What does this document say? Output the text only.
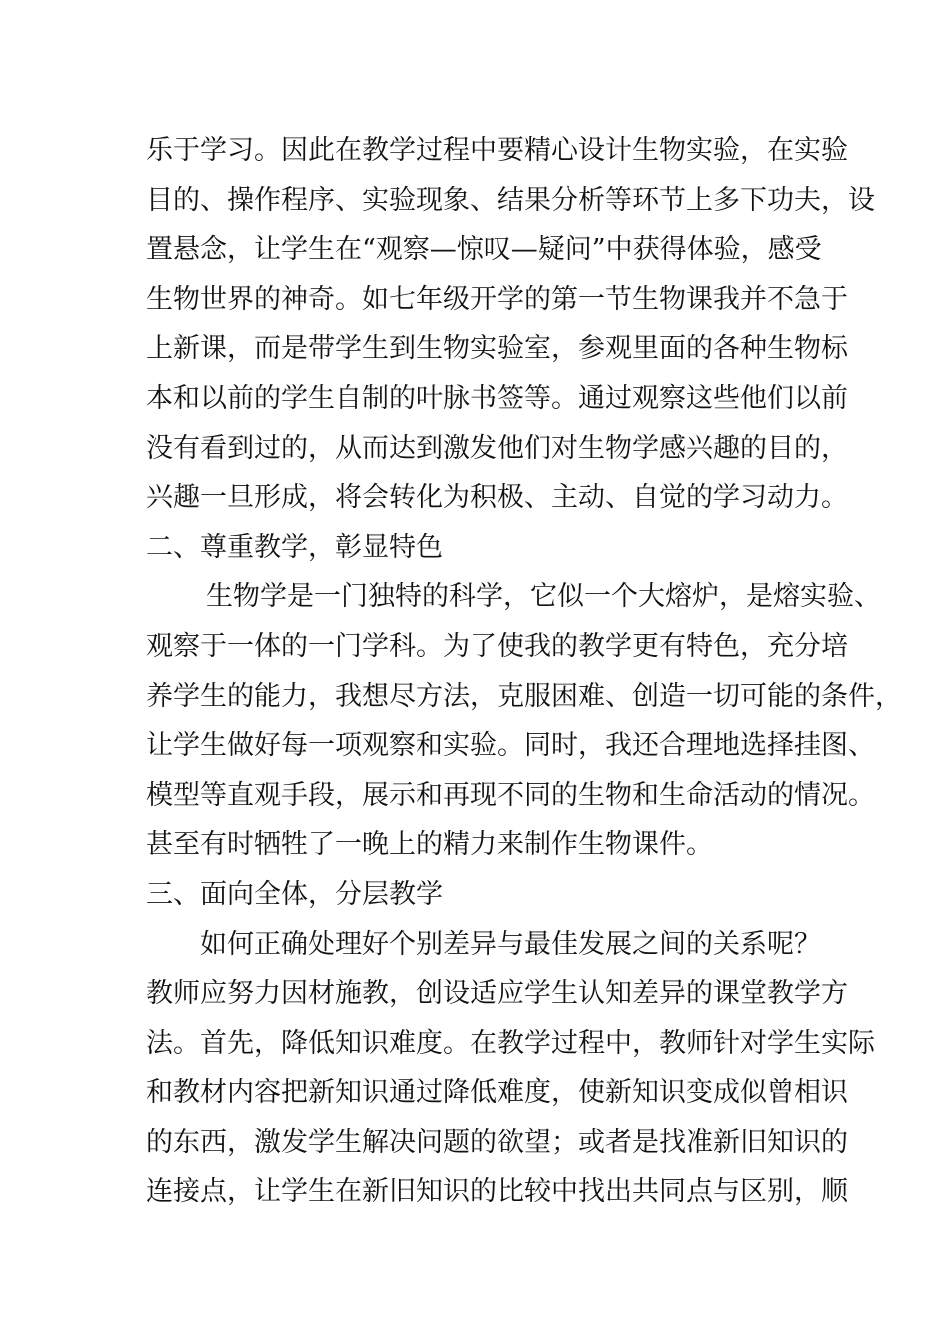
乐于学习。因此在教学过程中要精心设计生物实验，在实验
目的、操作程序、实验现象、结果分析等环节上多下功夫，设
置悬念，让学生在“观察—惊叹—疑问”中获得体验，感受
生物世界的神奇。如七年级开学的第一节生物课我并不急于
上新课，而是带学生到生物实验室，参观里面的各种生物标
本和以前的学生自制的叶脉书签等。通过观察这些他们以前
没有看到过的，从而达到激发他们对生物学感兴趣的目的，
兴趣一旦形成，将会转化为积极、主动、自觉的学习动力。
二、尊重教学，彰显特色
生物学是一门独特的科学，它似一个大熔炉，是熔实验、
观察于一体的一门学科。为了使我的教学更有特色，充分培
养学生的能力，我想尽方法，克服困难、创造一切可能的条件，
让学生做好每一项观察和实验。同时，我还合理地选择挂图、
模型等直观手段，展示和再现不同的生物和生命活动的情况。
甚至有时牺牲了一晚上的精力来制作生物课件。
三、面向全体，分层教学
如何正确处理好个别差异与最佳发展之间的关系呢？
教师应努力因材施教，创设适应学生认知差异的课堂教学方
法。首先，降低知识难度。在教学过程中，教师针对学生实际
和教材内容把新知识通过降低难度，使新知识变成似曾相识
的东西，激发学生解决问题的欲望；或者是找准新旧知识的
连接点，让学生在新旧知识的比较中找出共同点与区别，顺
